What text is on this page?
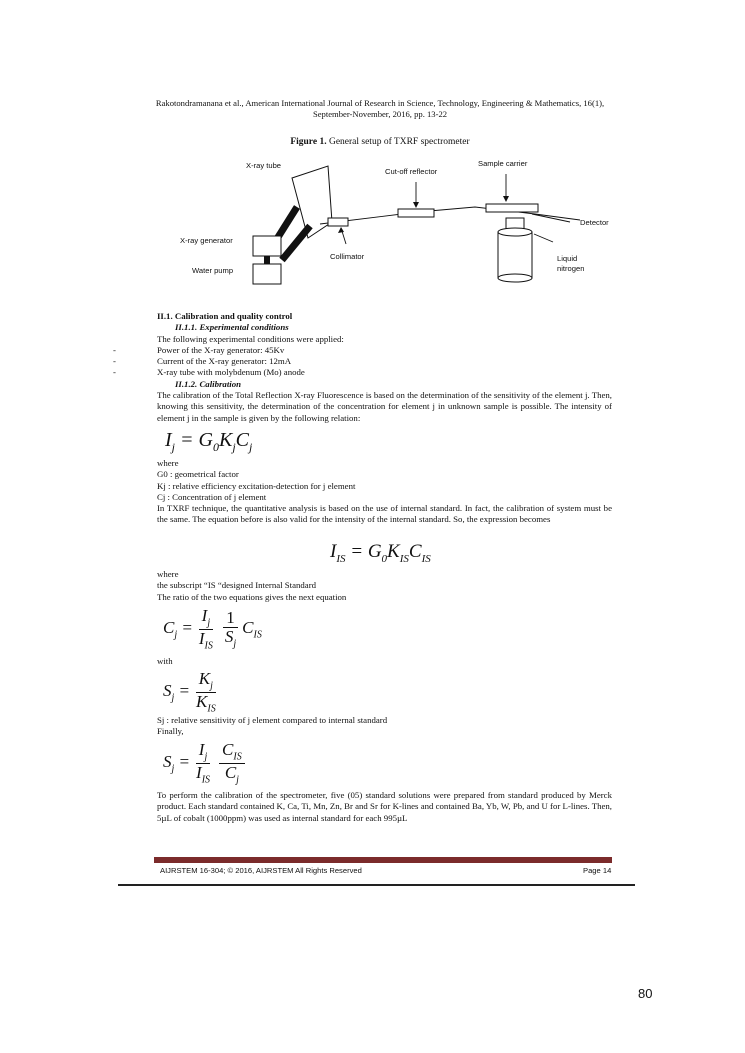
Rakotondramanana et al., American International Journal of Research in Science, Technology, Engineering & Mathematics, 16(1),
September-November, 2016, pp. 13-22
Figure 1. General setup of TXRF spectrometer
X-ray tube
Cut-off reflector
Sample carrier
Detector
X-ray generator
Collimator
Water pump
Liquid
nitrogen
II.1. Calibration and quality control
II.1.1. Experimental conditions
The following experimental conditions were applied:
- Power of the X-ray generator: 45Kv
- Current of the X-ray generator: 12mA
- X-ray tube with molybdenum (Mo) anode
II.1.2. Calibration
The calibration of the Total Reflection X-ray Fluorescence is based on the determination of the sensitivity of the element j. Then, knowing this sensitivity, the determination of the concentration for element j in unknown sample is possible. The intensity of element j in the sample is given by the following relation:
$I_j = G_0K_jC_j$
where
G0 : geometrical factor
Kj : relative efficiency excitation-detection for j element
Cj : Concentration of j element
In TXRF technique, the quantitative analysis is based on the use of internal standard. In fact, the calibration of system must be the same. The equation before is also valid for the intensity of the internal standard. So, the expression becomes
$I_{IS} = G_0K_{IS}C_{IS}$
where
the subscript “IS “designed Internal Standard
The ratio of the two equations gives the next equation
$C_j = \frac{I_j}{I_{IS}} \frac{1}{S_j} C_{IS}$
with
$S_j = \frac{K_j}{K_{IS}}$
Sj : relative sensitivity of j element compared to internal standard
Finally,
$S_j = \frac{I_j}{I_{IS}} \frac{C_{IS}}{C_j}$
To perform the calibration of the spectrometer, five (05) standard solutions were prepared from standard produced by Merck product. Each standard contained K, Ca, Ti, Mn, Zn, Br and Sr for K-lines and contained Ba, Yb, W, Pb, and U for L-lines. Then, 5µL of cobalt (1000ppm) was used as internal standard for each 995µL
AIJRSTEM 16-304; © 2016, AIJRSTEM All Rights Reserved	Page 14
80
